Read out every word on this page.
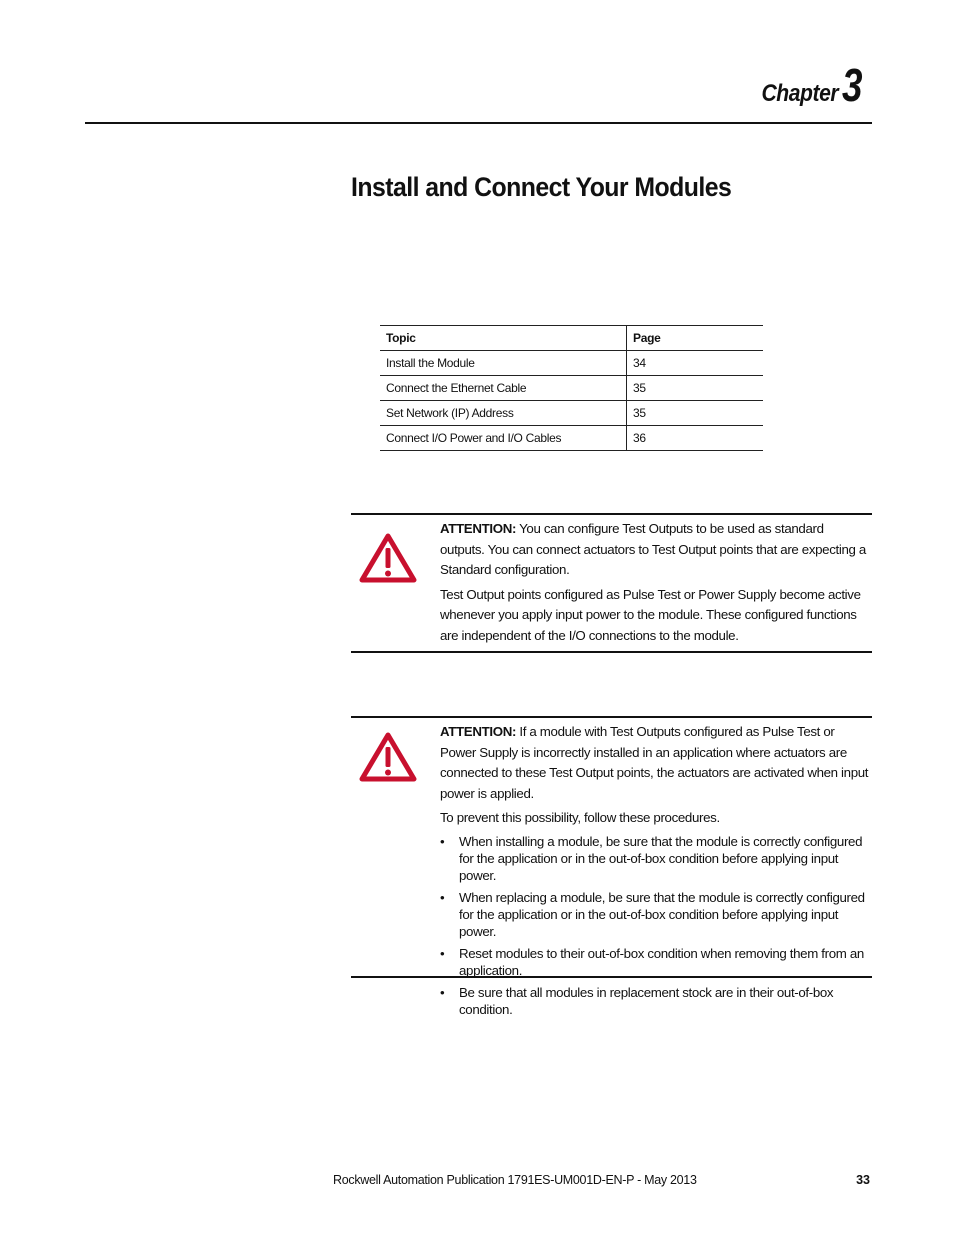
Chapter 3
Install and Connect Your Modules
Topic	Page
Install the Module	34
Connect the Ethernet Cable	35
Set Network (IP) Address	35
Connect I/O Power and I/O Cables	36

ATTENTION: You can configure Test Outputs to be used as standard outputs. You can connect actuators to Test Output points that are expecting a Standard configuration.

Test Output points configured as Pulse Test or Power Supply become active whenever you apply input power to the module. These configured functions are independent of the I/O connections to the module.

ATTENTION: If a module with Test Outputs configured as Pulse Test or Power Supply is incorrectly installed in an application where actuators are connected to these Test Output points, the actuators are activated when input power is applied.

To prevent this possibility, follow these procedures.

• When installing a module, be sure that the module is correctly configured for the application or in the out-of-box condition before applying input power.
• When replacing a module, be sure that the module is correctly configured for the application or in the out-of-box condition before applying input power.
• Reset modules to their out-of-box condition when removing them from an application.
• Be sure that all modules in replacement stock are in their out-of-box condition.
Rockwell Automation Publication 1791ES-UM001D-EN-P - May 2013	33
